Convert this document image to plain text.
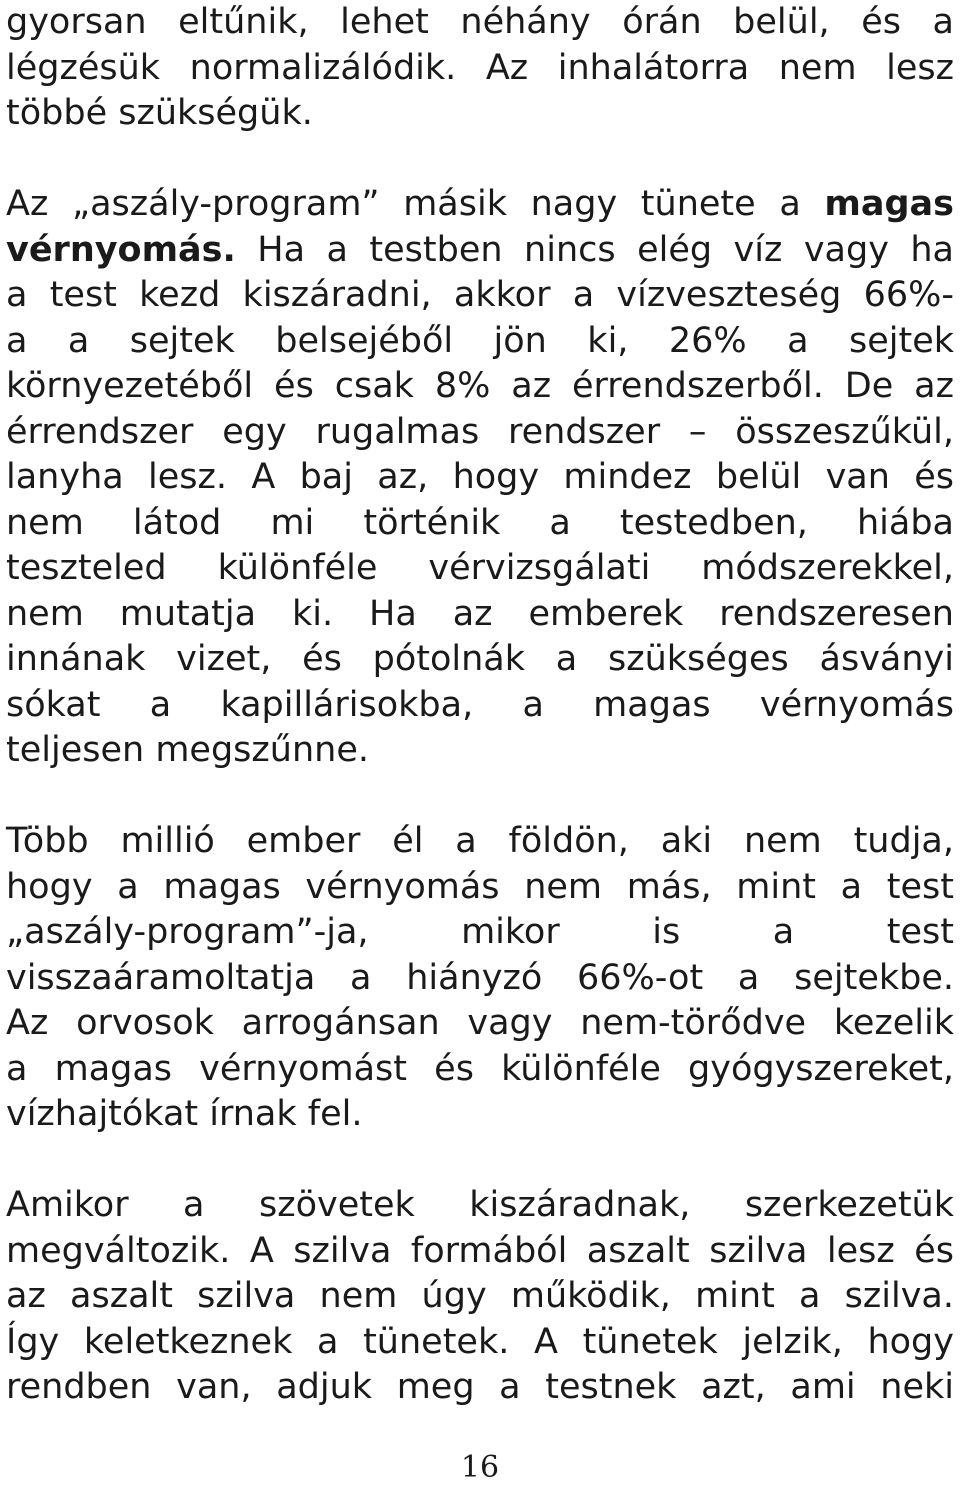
gyorsan eltűnik, lehet néhány órán belül, és a
légzésük normalizálódik. Az inhalátorra nem lesz
többé szükségük.
Az „aszály-program” másik nagy tünete a magas
vérnyomás. Ha a testben nincs elég víz vagy ha
a test kezd kiszáradni, akkor a vízveszteség 66%-
a a sejtek belsejéből jön ki, 26% a sejtek
környezetéből és csak 8% az érrendszerből. De az
érrendszer egy rugalmas rendszer – összeszűkül,
lanyha lesz. A baj az, hogy mindez belül van és
nem látod mi történik a testedben, hiába
teszteled különféle vérvizsgálati módszerekkel,
nem mutatja ki. Ha az emberek rendszeresen
innának vizet, és pótolnák a szükséges ásványi
sókat a kapillárisokba, a magas vérnyomás
teljesen megszűnne.
Több millió ember él a földön, aki nem tudja,
hogy a magas vérnyomás nem más, mint a test
„aszály-program”-ja, mikor is a test
visszaáramoltatja a hiányzó 66%-ot a sejtekbe.
Az orvosok arrogánsan vagy nem-törődve kezelik
a magas vérnyomást és különféle gyógyszereket,
vízhajtókat írnak fel.
Amikor a szövetek kiszáradnak, szerkezetük
megváltozik. A szilva formából aszalt szilva lesz és
az aszalt szilva nem úgy működik, mint a szilva.
Így keletkeznek a tünetek. A tünetek jelzik, hogy
rendben van, adjuk meg a testnek azt, ami neki
16
